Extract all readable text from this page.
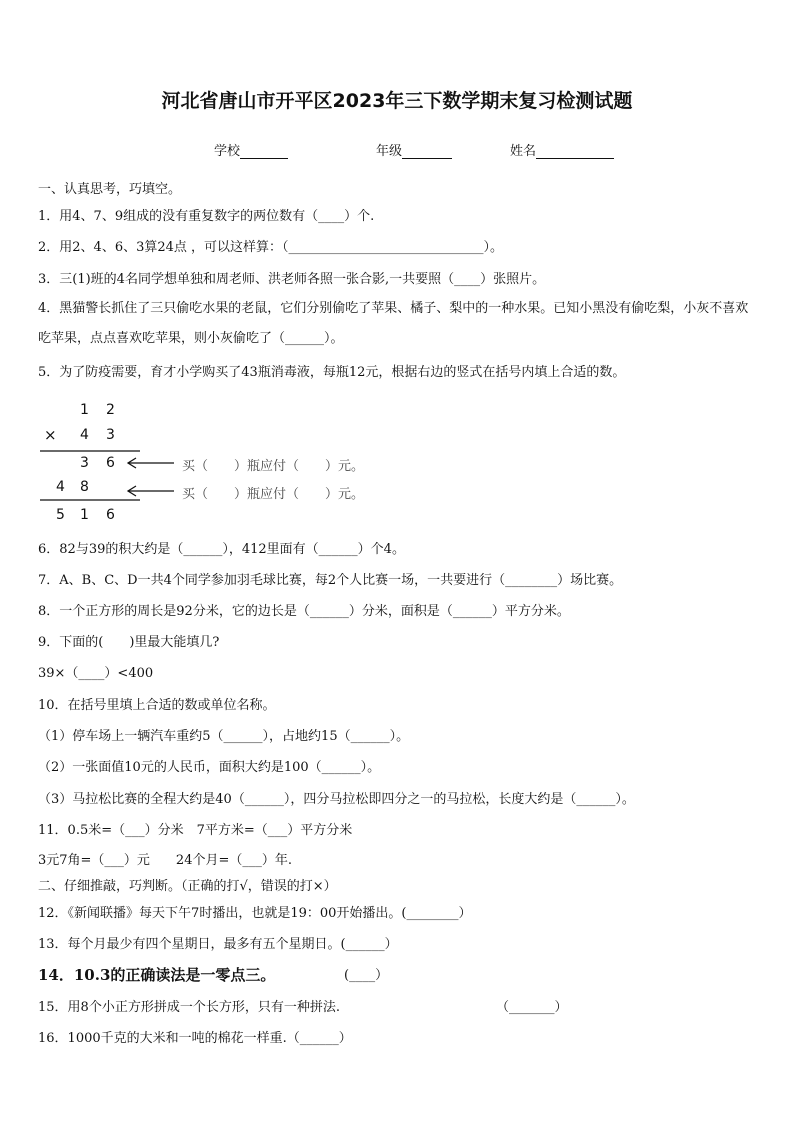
河北省唐山市开平区2023年三下数学期末复习检测试题
学校	年级	姓名
一、认真思考，巧填空。
1．用4、7、9组成的没有重复数字的两位数有（____）个.
2．用2、4、6、3算24点 ，可以这样算：（______________________________）。
3．三(1)班的4名同学想单独和周老师、洪老师各照一张合影,一共要照（____）张照片。
4．黑猫警长抓住了三只偷吃水果的老鼠，它们分别偷吃了苹果、橘子、梨中的一种水果。已知小黑没有偷吃梨，小灰不喜欢吃苹果，点点喜欢吃苹果，则小灰偷吃了（______）。
5．为了防疫需要，育才小学购买了43瓶消毒液，每瓶12元，根据右边的竖式在括号内填上合适的数。
1 2
× 4 3
3 6
4 8
5 1 6
买（　　）瓶应付（　　）元。
买（　　）瓶应付（　　）元。
6．82与39的积大约是（______），412里面有（______）个4。
7．A、B、C、D一共4个同学参加羽毛球比赛，每2个人比赛一场，一共要进行（________）场比赛。
8．一个正方形的周长是92分米，它的边长是（______）分米，面积是（______）平方分米。
9．下面的(　　)里最大能填几?
39×（____）<400
10．在括号里填上合适的数或单位名称。
（1）停车场上一辆汽车重约5（______），占地约15（______）。
（2）一张面值10元的人民币，面积大约是100（______）。
（3）马拉松比赛的全程大约是40（______），四分马拉松即四分之一的马拉松，长度大约是（______）。
11．0.5米=（___）分米　7平方米=（___）平方分米
3元7角=（___）元　　24个月=（___）年.
二、仔细推敲，巧判断。（正确的打√，错误的打×）
12．《新闻联播》每天下午7时播出，也就是19：00开始播出。(________）
13．每个月最少有四个星期日，最多有五个星期日。(______）
14．10.3的正确读法是一零点三。	(____）
15．用8个小正方形拼成一个长方形，只有一种拼法.	（_______）
16．1000千克的大米和一吨的棉花一样重.（______）
